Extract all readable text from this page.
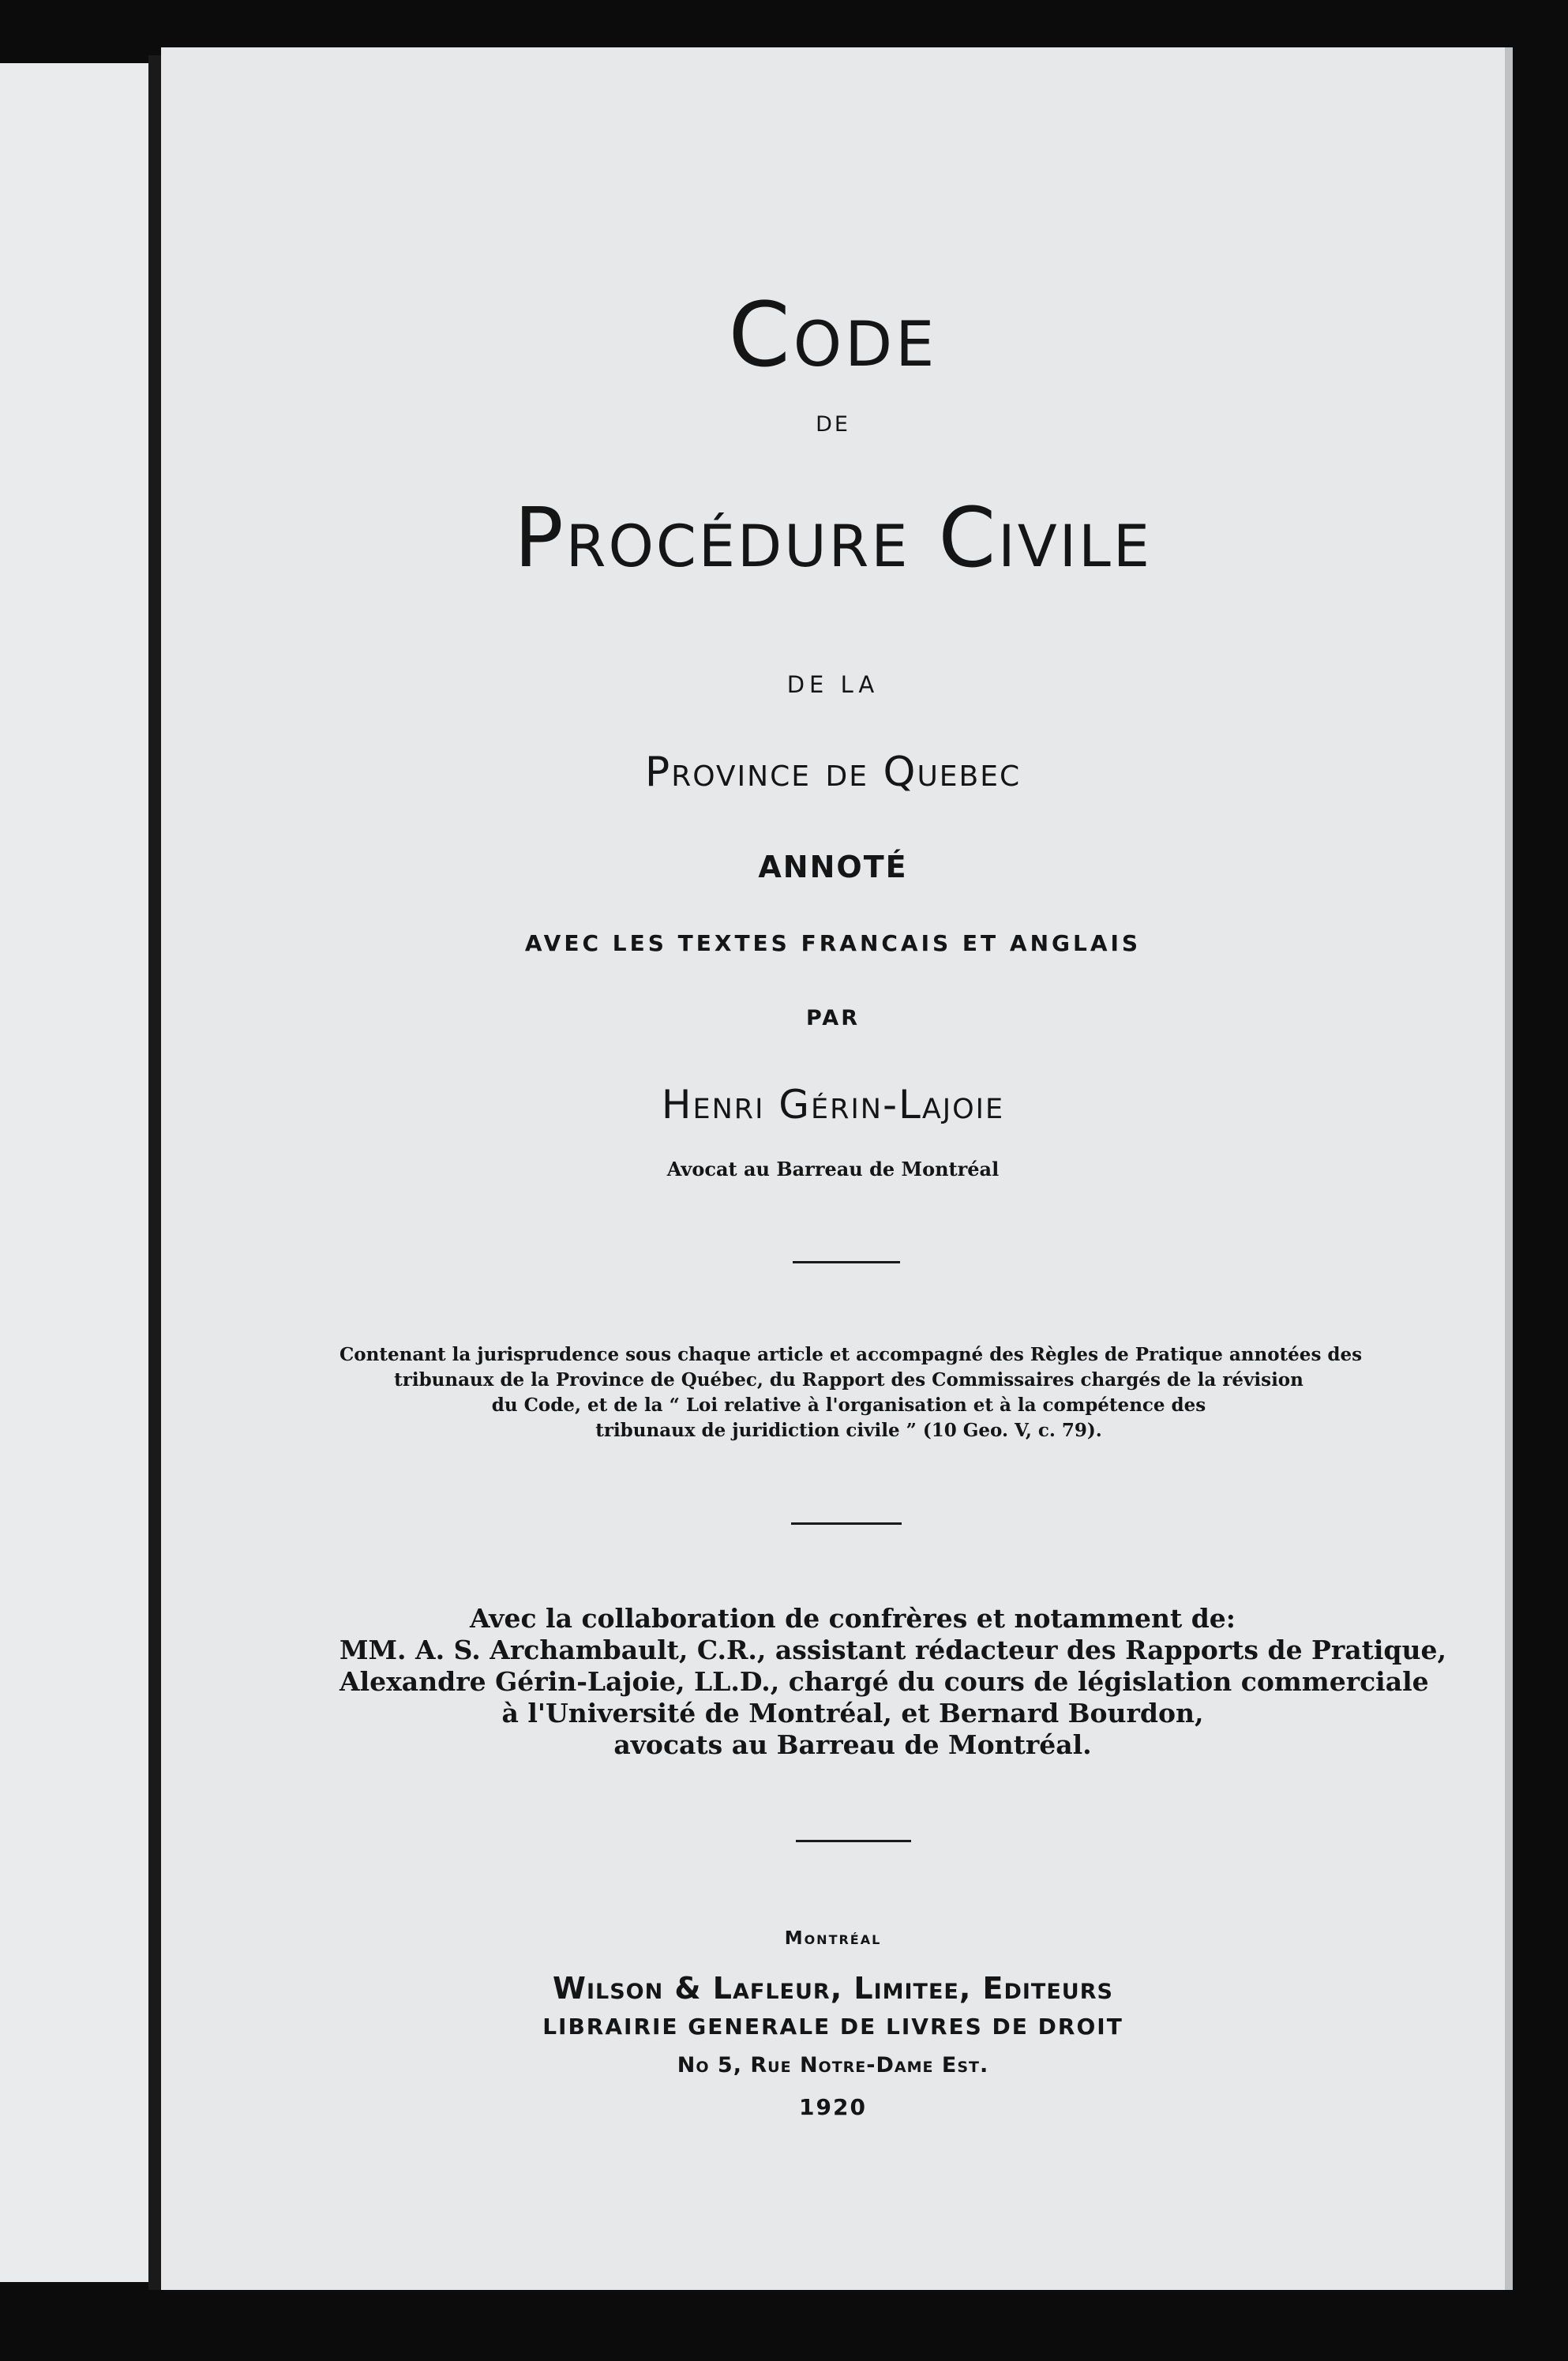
Code
DE
Procédure Civile
DE LA
Province de Quebec
ANNOTÉ
AVEC LES TEXTES FRANCAIS ET ANGLAIS
PAR
Henri Gérin-Lajoie
Avocat au Barreau de Montréal
Contenant la jurisprudence sous chaque article et accompagné des Règles de Pratique annotées des
tribunaux de la Province de Québec, du Rapport des Commissaires chargés de la révision
du Code, et de la “ Loi relative à l'organisation et à la compétence des
tribunaux de juridiction civile ” (10 Geo. V, c. 79).
Avec la collaboration de confrères et notamment de:
MM. A. S. Archambault, C.R., assistant rédacteur des Rapports de Pratique,
Alexandre Gérin-Lajoie, LL.D., chargé du cours de législation commerciale
à l'Université de Montréal, et Bernard Bourdon,
avocats au Barreau de Montréal.
Montréal
Wilson & Lafleur, Limitee, Editeurs
LIBRAIRIE GENERALE DE LIVRES DE DROIT
No 5, Rue Notre-Dame Est.
1920
